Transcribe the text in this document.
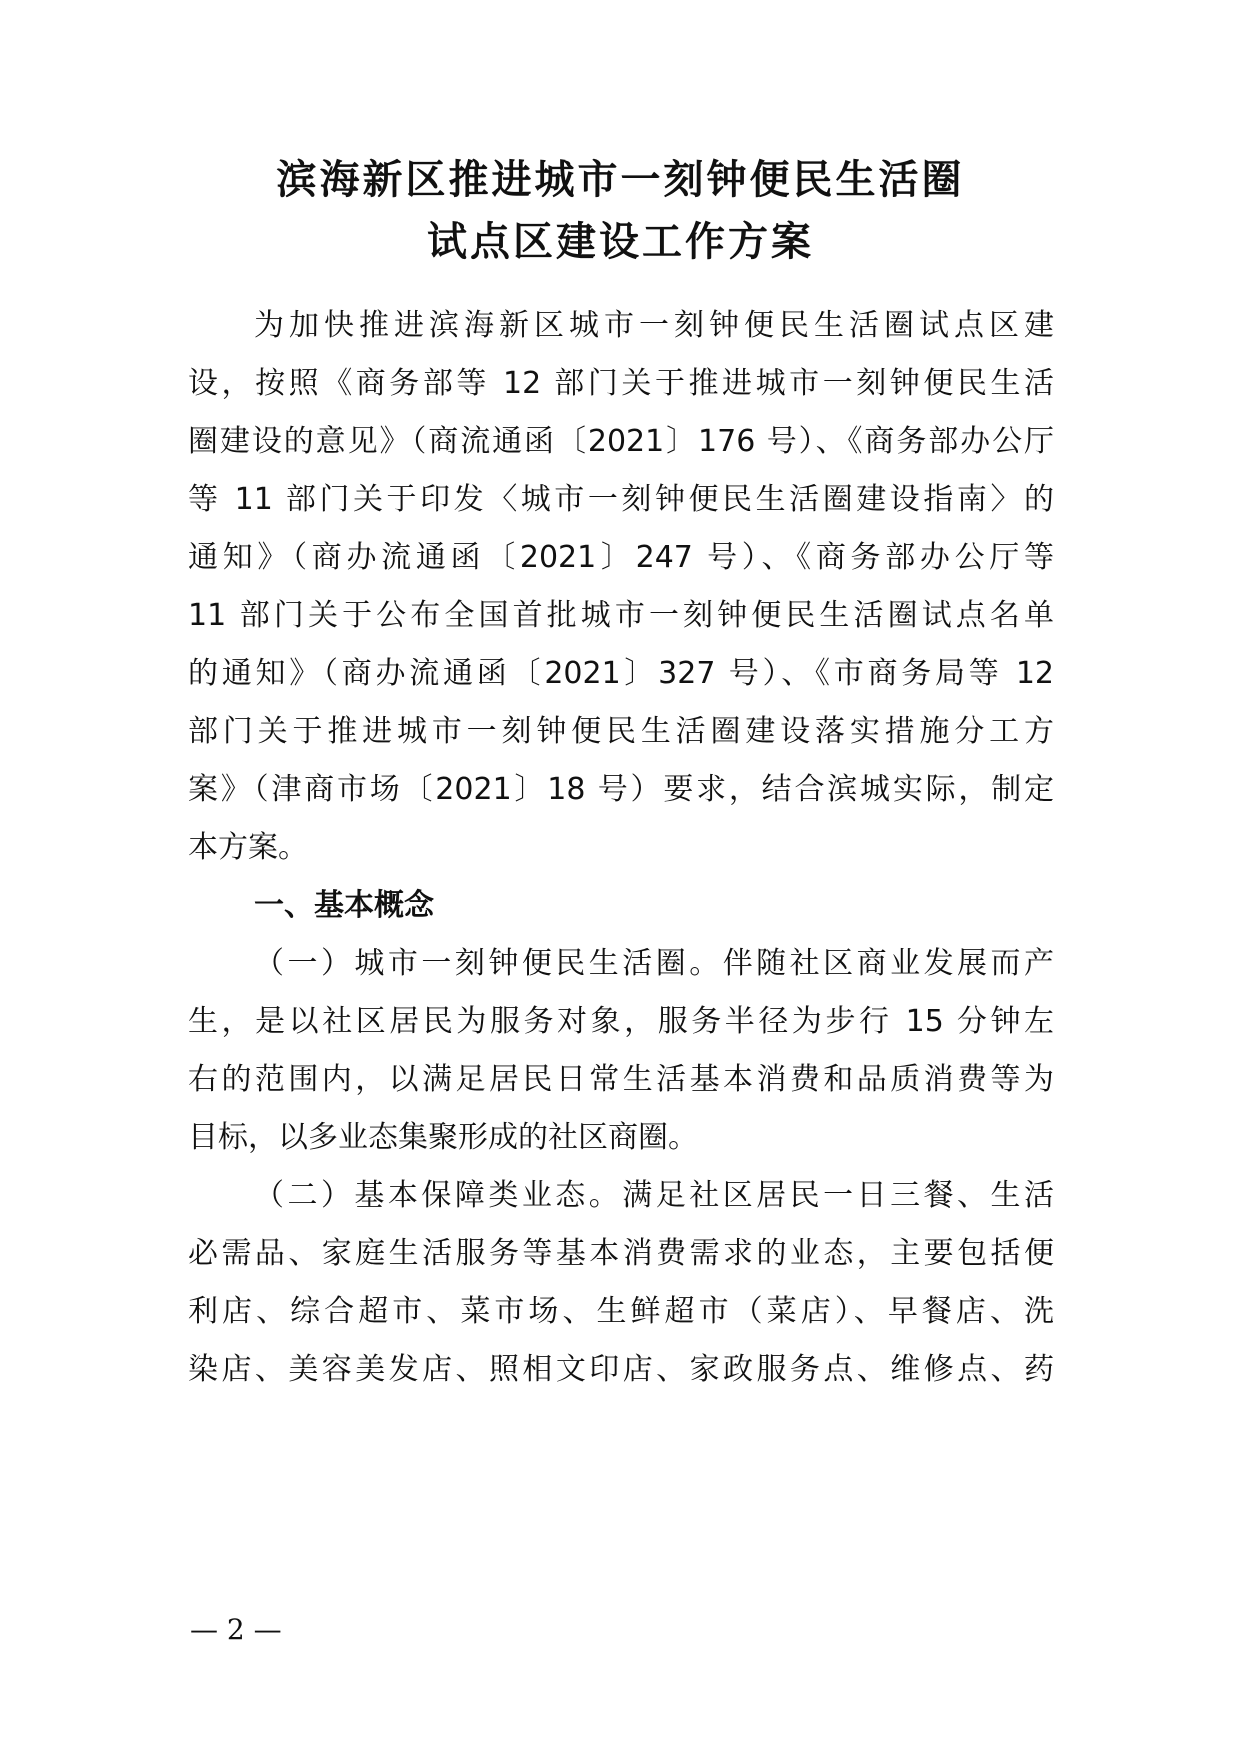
滨海新区推进城市一刻钟便民生活圈
试点区建设工作方案
为加快推进滨海新区城市一刻钟便民生活圈试点区建
设，按照《商务部等 12 部门关于推进城市一刻钟便民生活
圈建设的意见》（商流通函〔2021〕176 号）、《商务部办公厅
等 11 部门关于印发〈城市一刻钟便民生活圈建设指南〉的
通知》（商办流通函〔2021〕247 号）、《商务部办公厅等
11 部门关于公布全国首批城市一刻钟便民生活圈试点名单
的通知》（商办流通函〔2021〕327 号）、《市商务局等 12
部门关于推进城市一刻钟便民生活圈建设落实措施分工方
案》（津商市场〔2021〕18 号）要求，结合滨城实际，制定
本方案。
一、基本概念
（一）城市一刻钟便民生活圈。伴随社区商业发展而产
生，是以社区居民为服务对象，服务半径为步行 15 分钟左
右的范围内，以满足居民日常生活基本消费和品质消费等为
目标，以多业态集聚形成的社区商圈。
（二）基本保障类业态。满足社区居民一日三餐、生活
必需品、家庭生活服务等基本消费需求的业态，主要包括便
利店、综合超市、菜市场、生鲜超市（菜店）、早餐店、洗
染店、美容美发店、照相文印店、家政服务点、维修点、药
— 2 —
